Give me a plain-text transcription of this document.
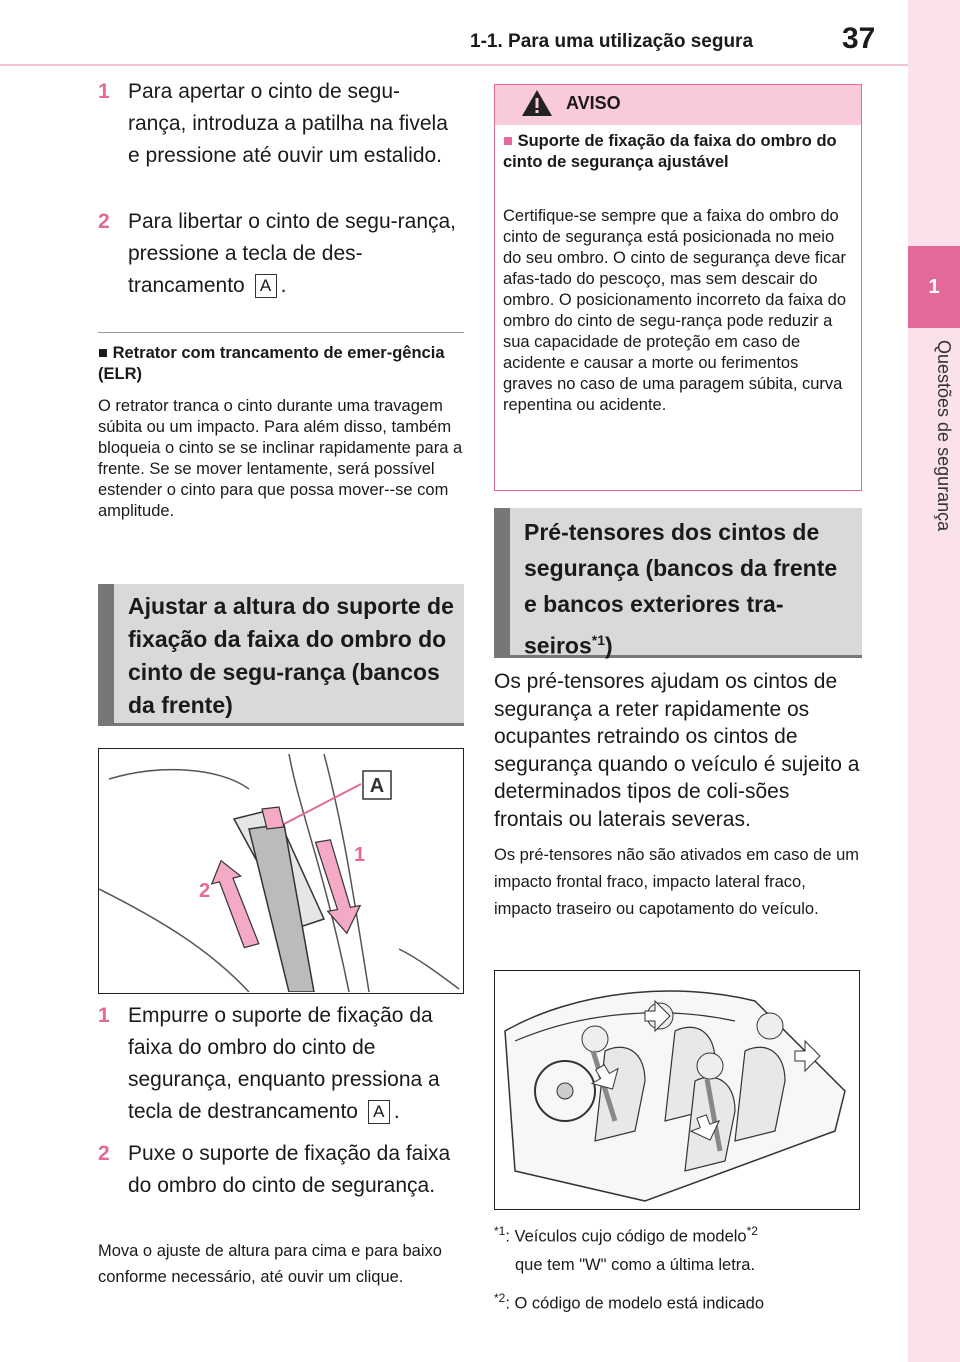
1-1. Para uma utilização segura	37
1
Questões de segurança
1 Para apertar o cinto de segu-rança, introduza a patilha na fivela e pressione até ouvir um estalido.
2 Para libertar o cinto de segu-rança, pressione a tecla de des-trancamento A .
■ Retrator com trancamento de emer-gência (ELR)
O retrator tranca o cinto durante uma travagem súbita ou um impacto. Para além disso, também bloqueia o cinto se se inclinar rapidamente para a frente. Se se mover lentamente, será possível estender o cinto para que possa mover--se com amplitude.
Ajustar a altura do suporte de fixação da faixa do ombro do cinto de segu-rança (bancos da frente)
A
1
2
1 Empurre o suporte de fixação da faixa do ombro do cinto de segurança, enquanto pressiona a tecla de destrancamento A .
2 Puxe o suporte de fixação da faixa do ombro do cinto de segurança.
Mova o ajuste de altura para cima e para baixo conforme necessário, até ouvir um clique.
AVISO
■ Suporte de fixação da faixa do ombro do cinto de segurança ajustável
Certifique-se sempre que a faixa do ombro do cinto de segurança está posicionada no meio do seu ombro. O cinto de segurança deve ficar afas-tado do pescoço, mas sem descair do ombro. O posicionamento incorreto da faixa do ombro do cinto de segu-rança pode reduzir a sua capacidade de proteção em caso de acidente e causar a morte ou ferimentos graves no caso de uma paragem súbita, curva repentina ou acidente.
Pré-tensores dos cintos de segurança (bancos da frente e bancos exteriores tra-seiros$^{*1}$)
Os pré-tensores ajudam os cintos de segurança a reter rapidamente os ocupantes retraindo os cintos de segurança quando o veículo é sujeito a determinados tipos de coli-sões frontais ou laterais severas.
Os pré-tensores não são ativados em caso de um impacto frontal fraco, impacto lateral fraco, impacto traseiro ou capotamento do veículo.
$^{*1}$: Veículos cujo código de modelo$^{*2}$
que tem "W" como a última letra.
$^{*2}$: O código de modelo está indicado
